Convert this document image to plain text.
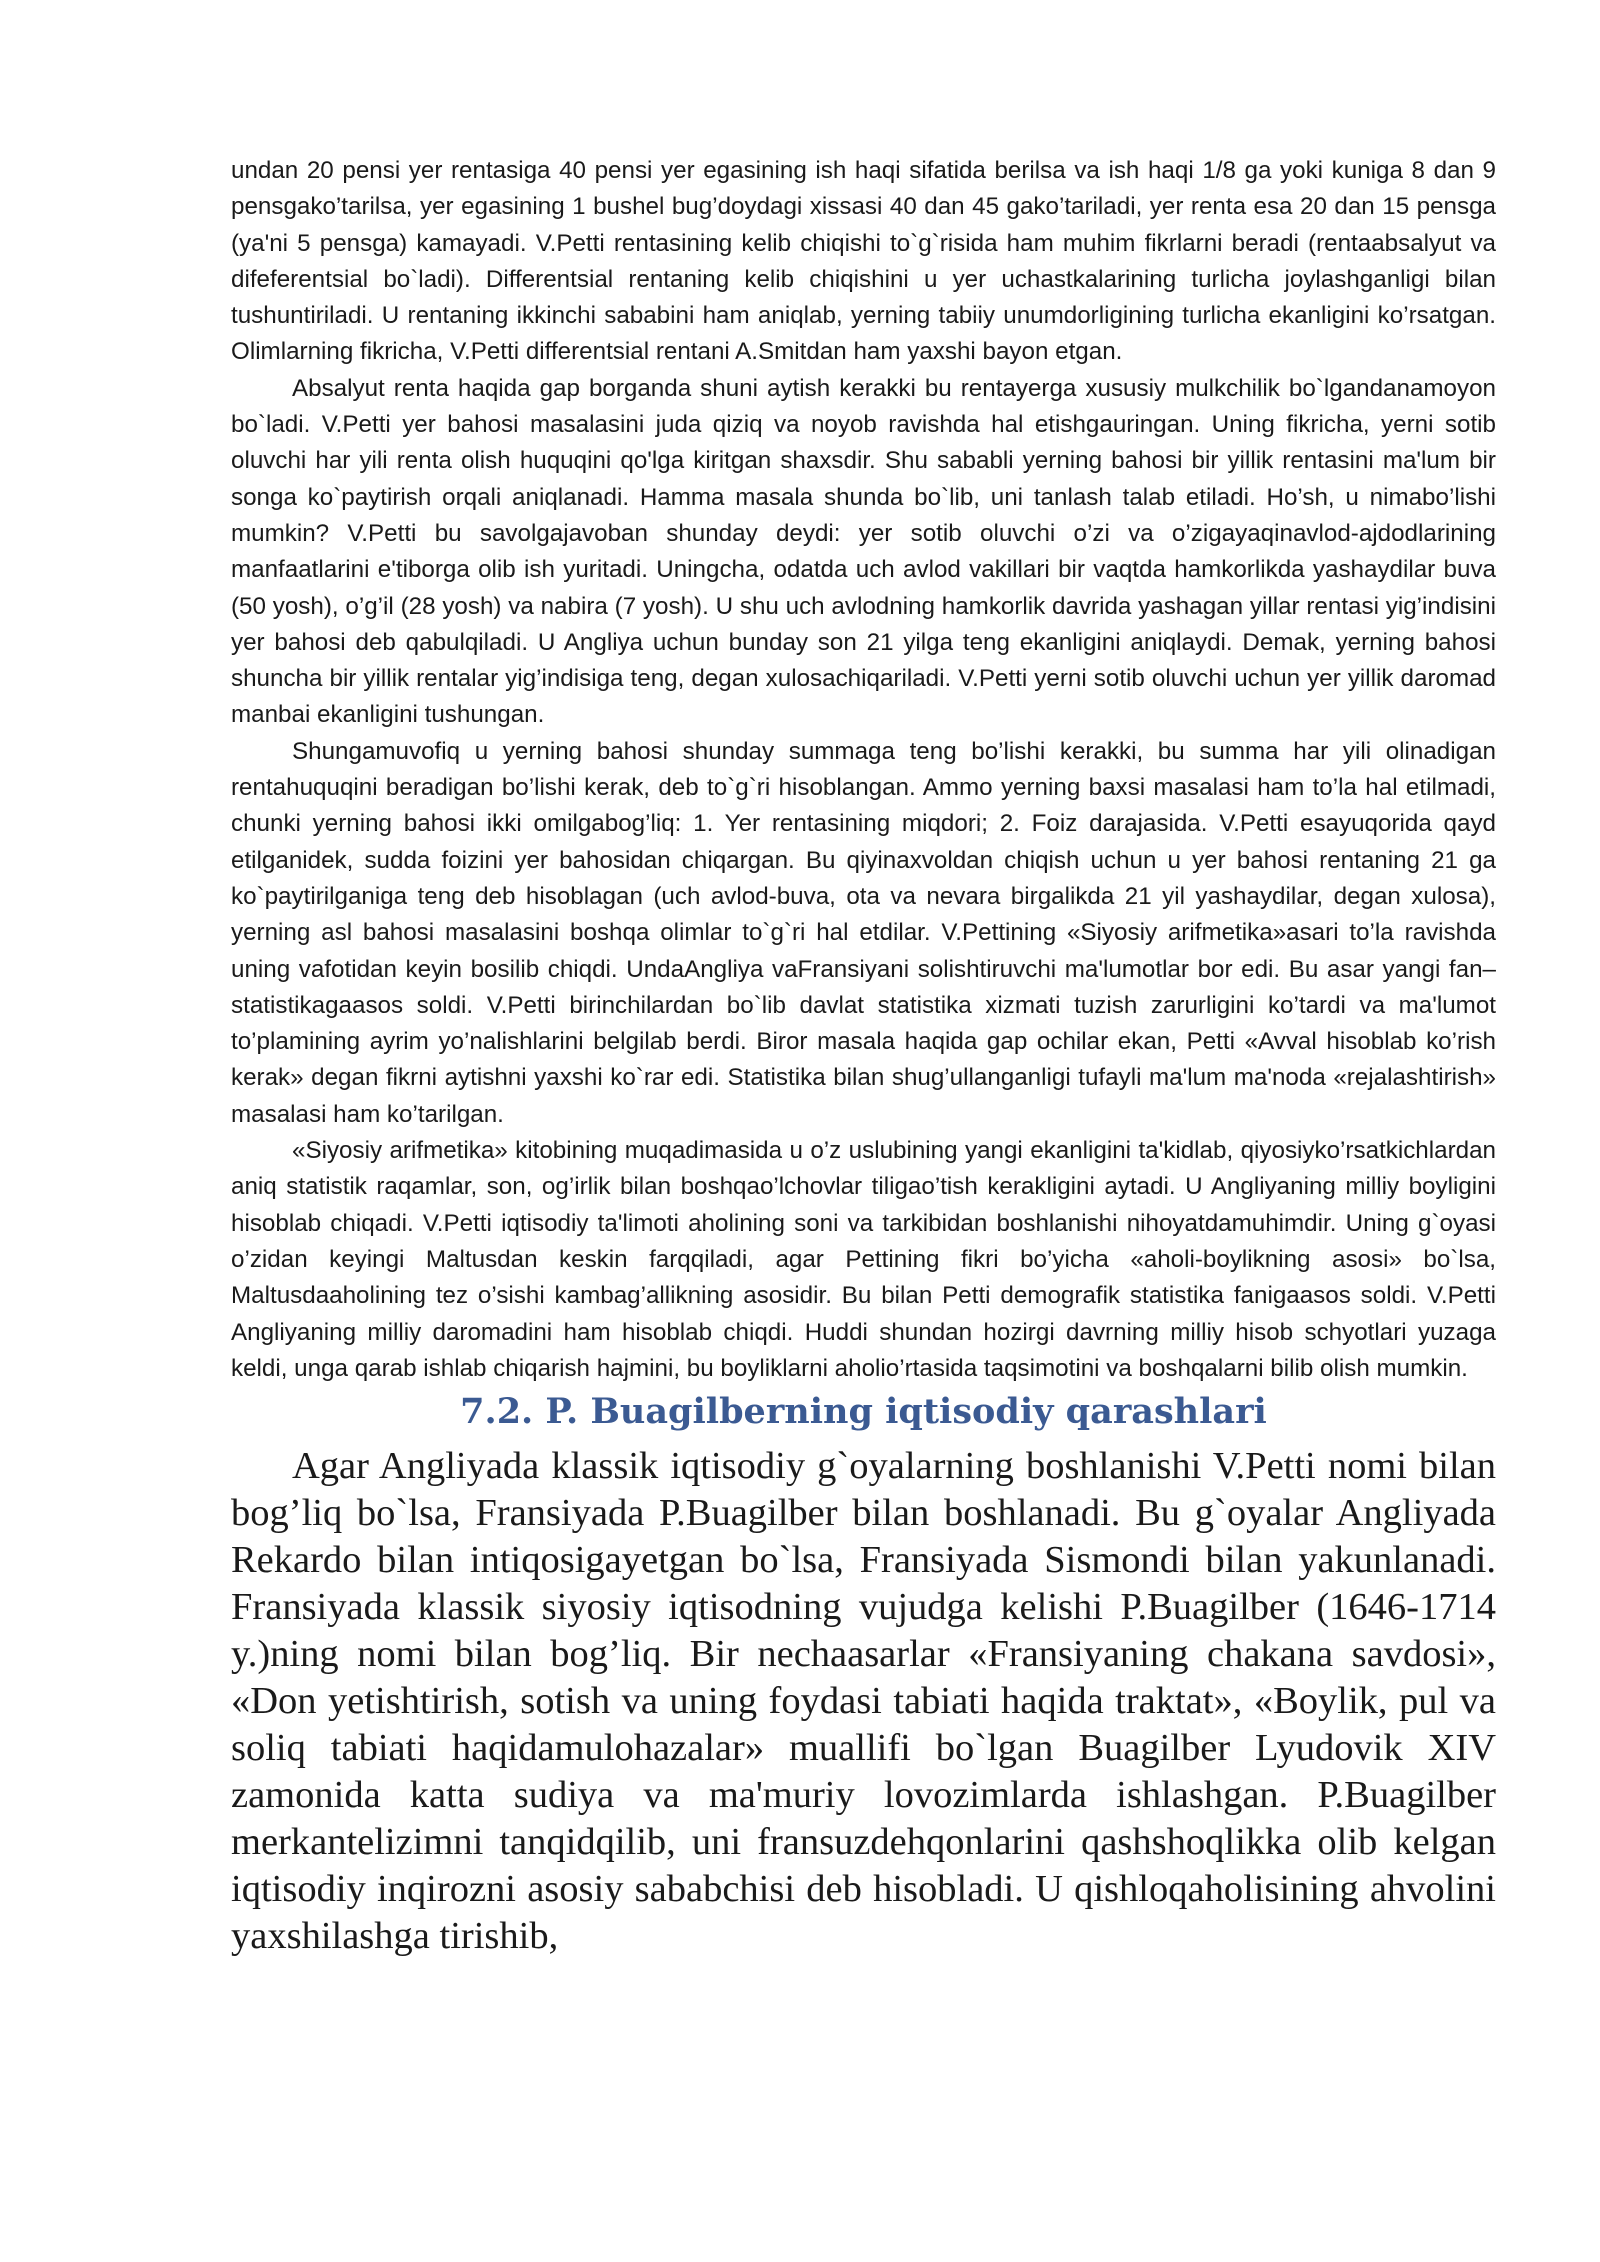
undan 20 pensi yer rentasiga 40 pensi yer egasining ish haqi sifatida berilsa va ish haqi 1/8 ga yoki kuniga 8 dan 9 pensgako’tarilsa, yer egasining 1 bushel bug’doydagi xissasi 40 dan 45 gako’tariladi, yer renta esa 20 dan 15 pensga (ya'ni 5 pensga) kamayadi. V.Petti rentasining kelib chiqishi to`g`risida ham muhim fikrlarni beradi (rentaabsalyut va difeferentsial bo`ladi). Differentsial rentaning kelib chiqishini u yer uchastkalarining turlicha joylashganligi bilan tushuntiriladi. U rentaning ikkinchi sababini ham aniqlab, yerning tabiiy unumdorligining turlicha ekanligini ko’rsatgan. Olimlarning fikricha, V.Petti differentsial rentani A.Smitdan ham yaxshi bayon etgan.

Absalyut renta haqida gap borganda shuni aytish kerakki bu rentayerga xususiy mulkchilik bo`lgandanamoyon bo`ladi. V.Petti yer bahosi masalasini juda qiziq va noyob ravishda hal etishgauringan. Uning fikricha, yerni sotib oluvchi har yili renta olish huquqini qo'lga kiritgan shaxsdir. Shu sababli yerning bahosi bir yillik rentasini ma'lum bir songa ko`paytirish orqali aniqlanadi. Hamma masala shunda bo`lib, uni tanlash talab etiladi. Ho’sh, u nimabo’lishi mumkin? V.Petti bu savolgajavoban shunday deydi: yer sotib oluvchi o’zi va o’zigayaqinavlod-ajdodlarining manfaatlarini e'tiborga olib ish yuritadi. Uningcha, odatda uch avlod vakillari bir vaqtda hamkorlikda yashaydilar buva (50 yosh), o’g’il (28 yosh) va nabira (7 yosh). U shu uch avlodning hamkorlik davrida yashagan yillar rentasi yig’indisini yer bahosi deb qabulqiladi. U Angliya uchun bunday son 21 yilga teng ekanligini aniqlaydi. Demak, yerning bahosi shuncha bir yillik rentalar yig’indisiga teng, degan xulosachiqariladi. V.Petti yerni sotib oluvchi uchun yer yillik daromad manbai ekanligini tushungan.

Shungamuvofiq u yerning bahosi shunday summaga teng bo’lishi kerakki, bu summa har yili olinadigan rentahuquqini beradigan bo’lishi kerak, deb to`g`ri hisoblangan. Ammo yerning baxsi masalasi ham to’la hal etilmadi, chunki yerning bahosi ikki omilgabog’liq: 1. Yer rentasining miqdori; 2. Foiz darajasida. V.Petti esayuqorida qayd etilganidek, sudda foizini yer bahosidan chiqargan. Bu qiyinaxvoldan chiqish uchun u yer bahosi rentaning 21 ga ko`paytirilganiga teng deb hisoblagan (uch avlod-buva, ota va nevara birgalikda 21 yil yashaydilar, degan xulosa), yerning asl bahosi masalasini boshqa olimlar to`g`ri hal etdilar. V.Pettining «Siyosiy arifmetika»asari to’la ravishda uning vafotidan keyin bosilib chiqdi. UndaAngliya vaFransiyani solishtiruvchi ma'lumotlar bor edi. Bu asar yangi fan–statistikagaasos soldi. V.Petti birinchilardan bo`lib davlat statistika xizmati tuzish zarurligini ko’tardi va ma'lumot to’plamining ayrim yo’nalishlarini belgilab berdi. Biror masala haqida gap ochilar ekan, Petti «Avval hisoblab ko’rish kerak» degan fikrni aytishni yaxshi ko`rar edi. Statistika bilan shug’ullanganligi tufayli ma'lum ma'noda «rejalashtirish» masalasi ham ko’tarilgan.

«Siyosiy arifmetika» kitobining muqadimasida u o’z uslubining yangi ekanligini ta'kidlab, qiyosiyko’rsatkichlardan aniq statistik raqamlar, son, og’irlik bilan boshqao’lchovlar tiligao’tish kerakligini aytadi. U Angliyaning milliy boyligini hisoblab chiqadi. V.Petti iqtisodiy ta'limoti aholining soni va tarkibidan boshlanishi nihoyatdamuhimdir. Uning g`oyasi o’zidan keyingi Maltusdan keskin farqqiladi, agar Pettining fikri bo’yicha «aholi-boylikning asosi» bo`lsa, Maltusdaaholining tez o’sishi kambag’allikning asosidir. Bu bilan Petti demografik statistika fanigaasos soldi. V.Petti Angliyaning milliy daromadini ham hisoblab chiqdi. Huddi shundan hozirgi davrning milliy hisob schyotlari yuzaga keldi, unga qarab ishlab chiqarish hajmini, bu boyliklarni aholio’rtasida taqsimotini va boshqalarni bilib olish mumkin.

7.2. P. Buagilberning iqtisodiy qarashlari

Agar Angliyada klassik iqtisodiy g`oyalarning boshlanishi V.Petti nomi bilan bog’liq bo`lsa, Fransiyada P.Buagilber bilan boshlanadi. Bu g`oyalar Angliyada Rekardo bilan intiqosigayetgan bo`lsa, Fransiyada Sismondi bilan yakunlanadi. Fransiyada klassik siyosiy iqtisodning vujudga kelishi P.Buagilber (1646-1714 y.)ning nomi bilan bog’liq. Bir nechaasarlar «Fransiyaning chakana savdosi», «Don yetishtirish, sotish va uning foydasi tabiati haqida traktat», «Boylik, pul va soliq tabiati haqidamulohazalar» muallifi bo`lgan Buagilber Lyudovik XIV zamonida katta sudiya va ma'muriy lovozimlarda ishlashgan. P.Buagilber merkantelizimni tanqidqilib, uni fransuzdehqonlarini qashshoqlikka olib kelgan iqtisodiy inqirozni asosiy sababchisi deb hisobladi. U qishloqaholisining ahvolini yaxshilashga tirishib,
